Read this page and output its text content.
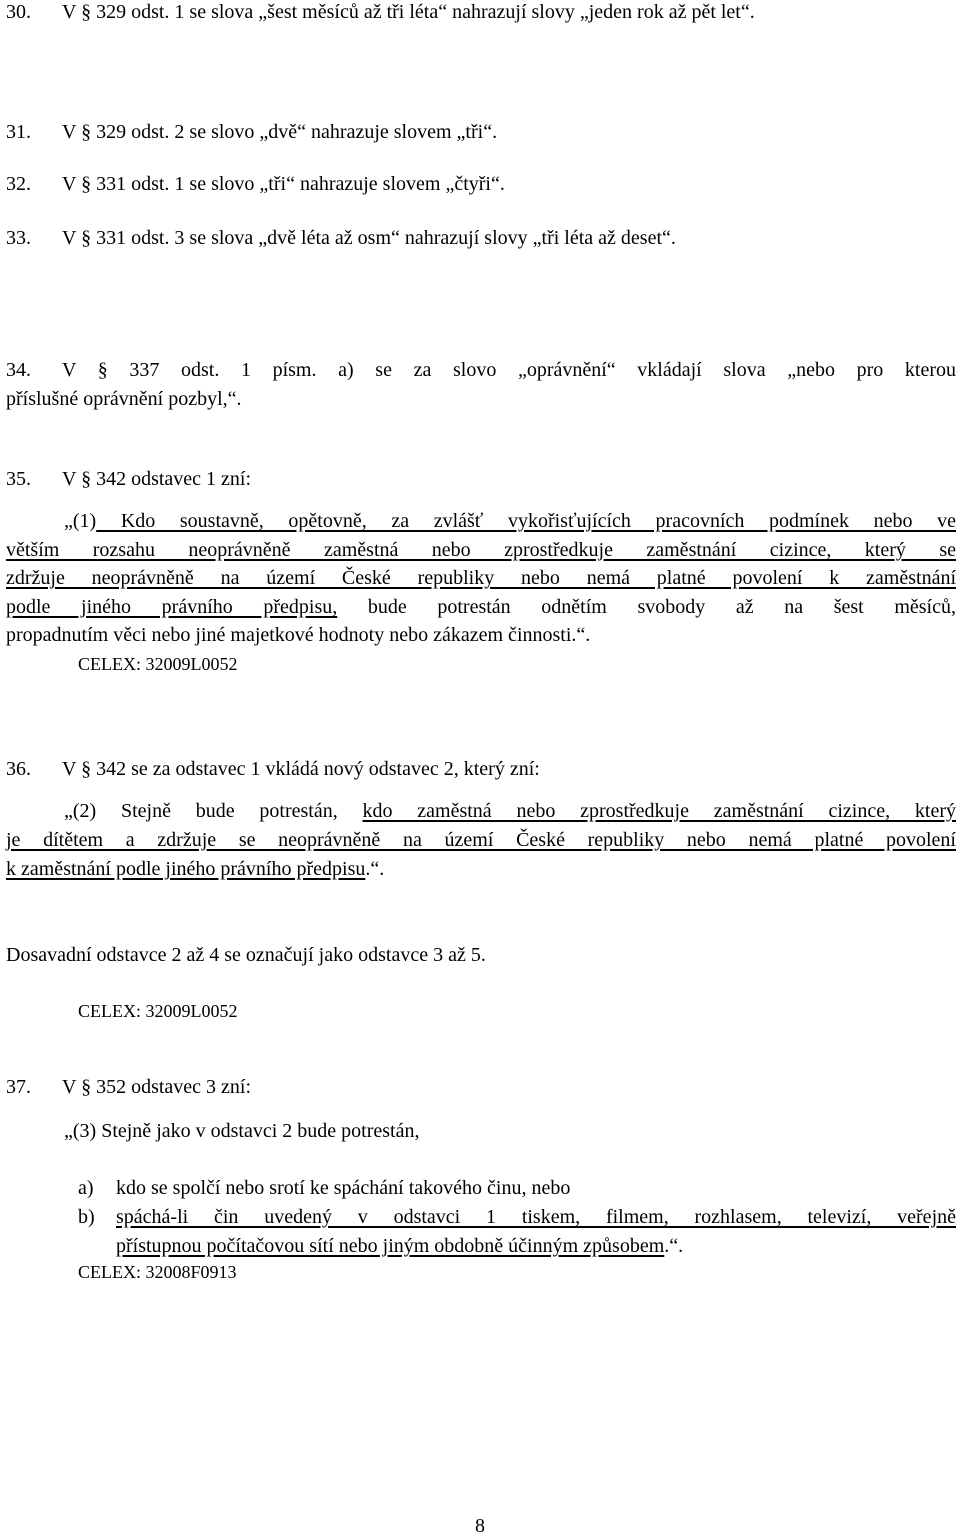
30. V § 329 odst. 1 se slova „šest měsíců až tři léta“ nahrazují slovy „jeden rok až pět let“.
31. V § 329 odst. 2 se slovo „dvě“ nahrazuje slovem „tři“.
32. V § 331 odst. 1 se slovo „tři“ nahrazuje slovem „čtyři“.
33. V § 331 odst. 3 se slova „dvě léta až osm“ nahrazují slovy „tři léta až deset“.
34. V § 337 odst. 1 písm. a) se za slovo „oprávnění“ vkládají slova „nebo pro kterou
příslušné oprávnění pozbyl,“.
35. V § 342 odstavec 1 zní:
„(1) Kdo soustavně, opětovně, za zvlášť vykořisťujících pracovních podmínek nebo ve
větším rozsahu neoprávněně zaměstná nebo zprostředkuje zaměstnání cizince, který se
zdržuje neoprávněně na území České republiky nebo nemá platné povolení k zaměstnání
podle jiného právního předpisu, bude potrestán odnětím svobody až na šest měsíců,
propadnutím věci nebo jiné majetkové hodnoty nebo zákazem činnosti.“.
CELEX: 32009L0052
36. V § 342 se za odstavec 1 vkládá nový odstavec 2, který zní:
„(2) Stejně bude potrestán, kdo zaměstná nebo zprostředkuje zaměstnání cizince, který
je dítětem a zdržuje se neoprávněně na území České republiky nebo nemá platné povolení
k zaměstnání podle jiného právního předpisu.“.
Dosavadní odstavce 2 až 4 se označují jako odstavce 3 až 5.
CELEX: 32009L0052
37. V § 352 odstavec 3 zní:
„(3) Stejně jako v odstavci 2 bude potrestán,
a) kdo se spolčí nebo srotí ke spáchání takového činu, nebo
b) spáchá-li čin uvedený v odstavci 1 tiskem, filmem, rozhlasem, televizí, veřejně
přístupnou počítačovou sítí nebo jiným obdobně účinným způsobem.“.
CELEX: 32008F0913
8
